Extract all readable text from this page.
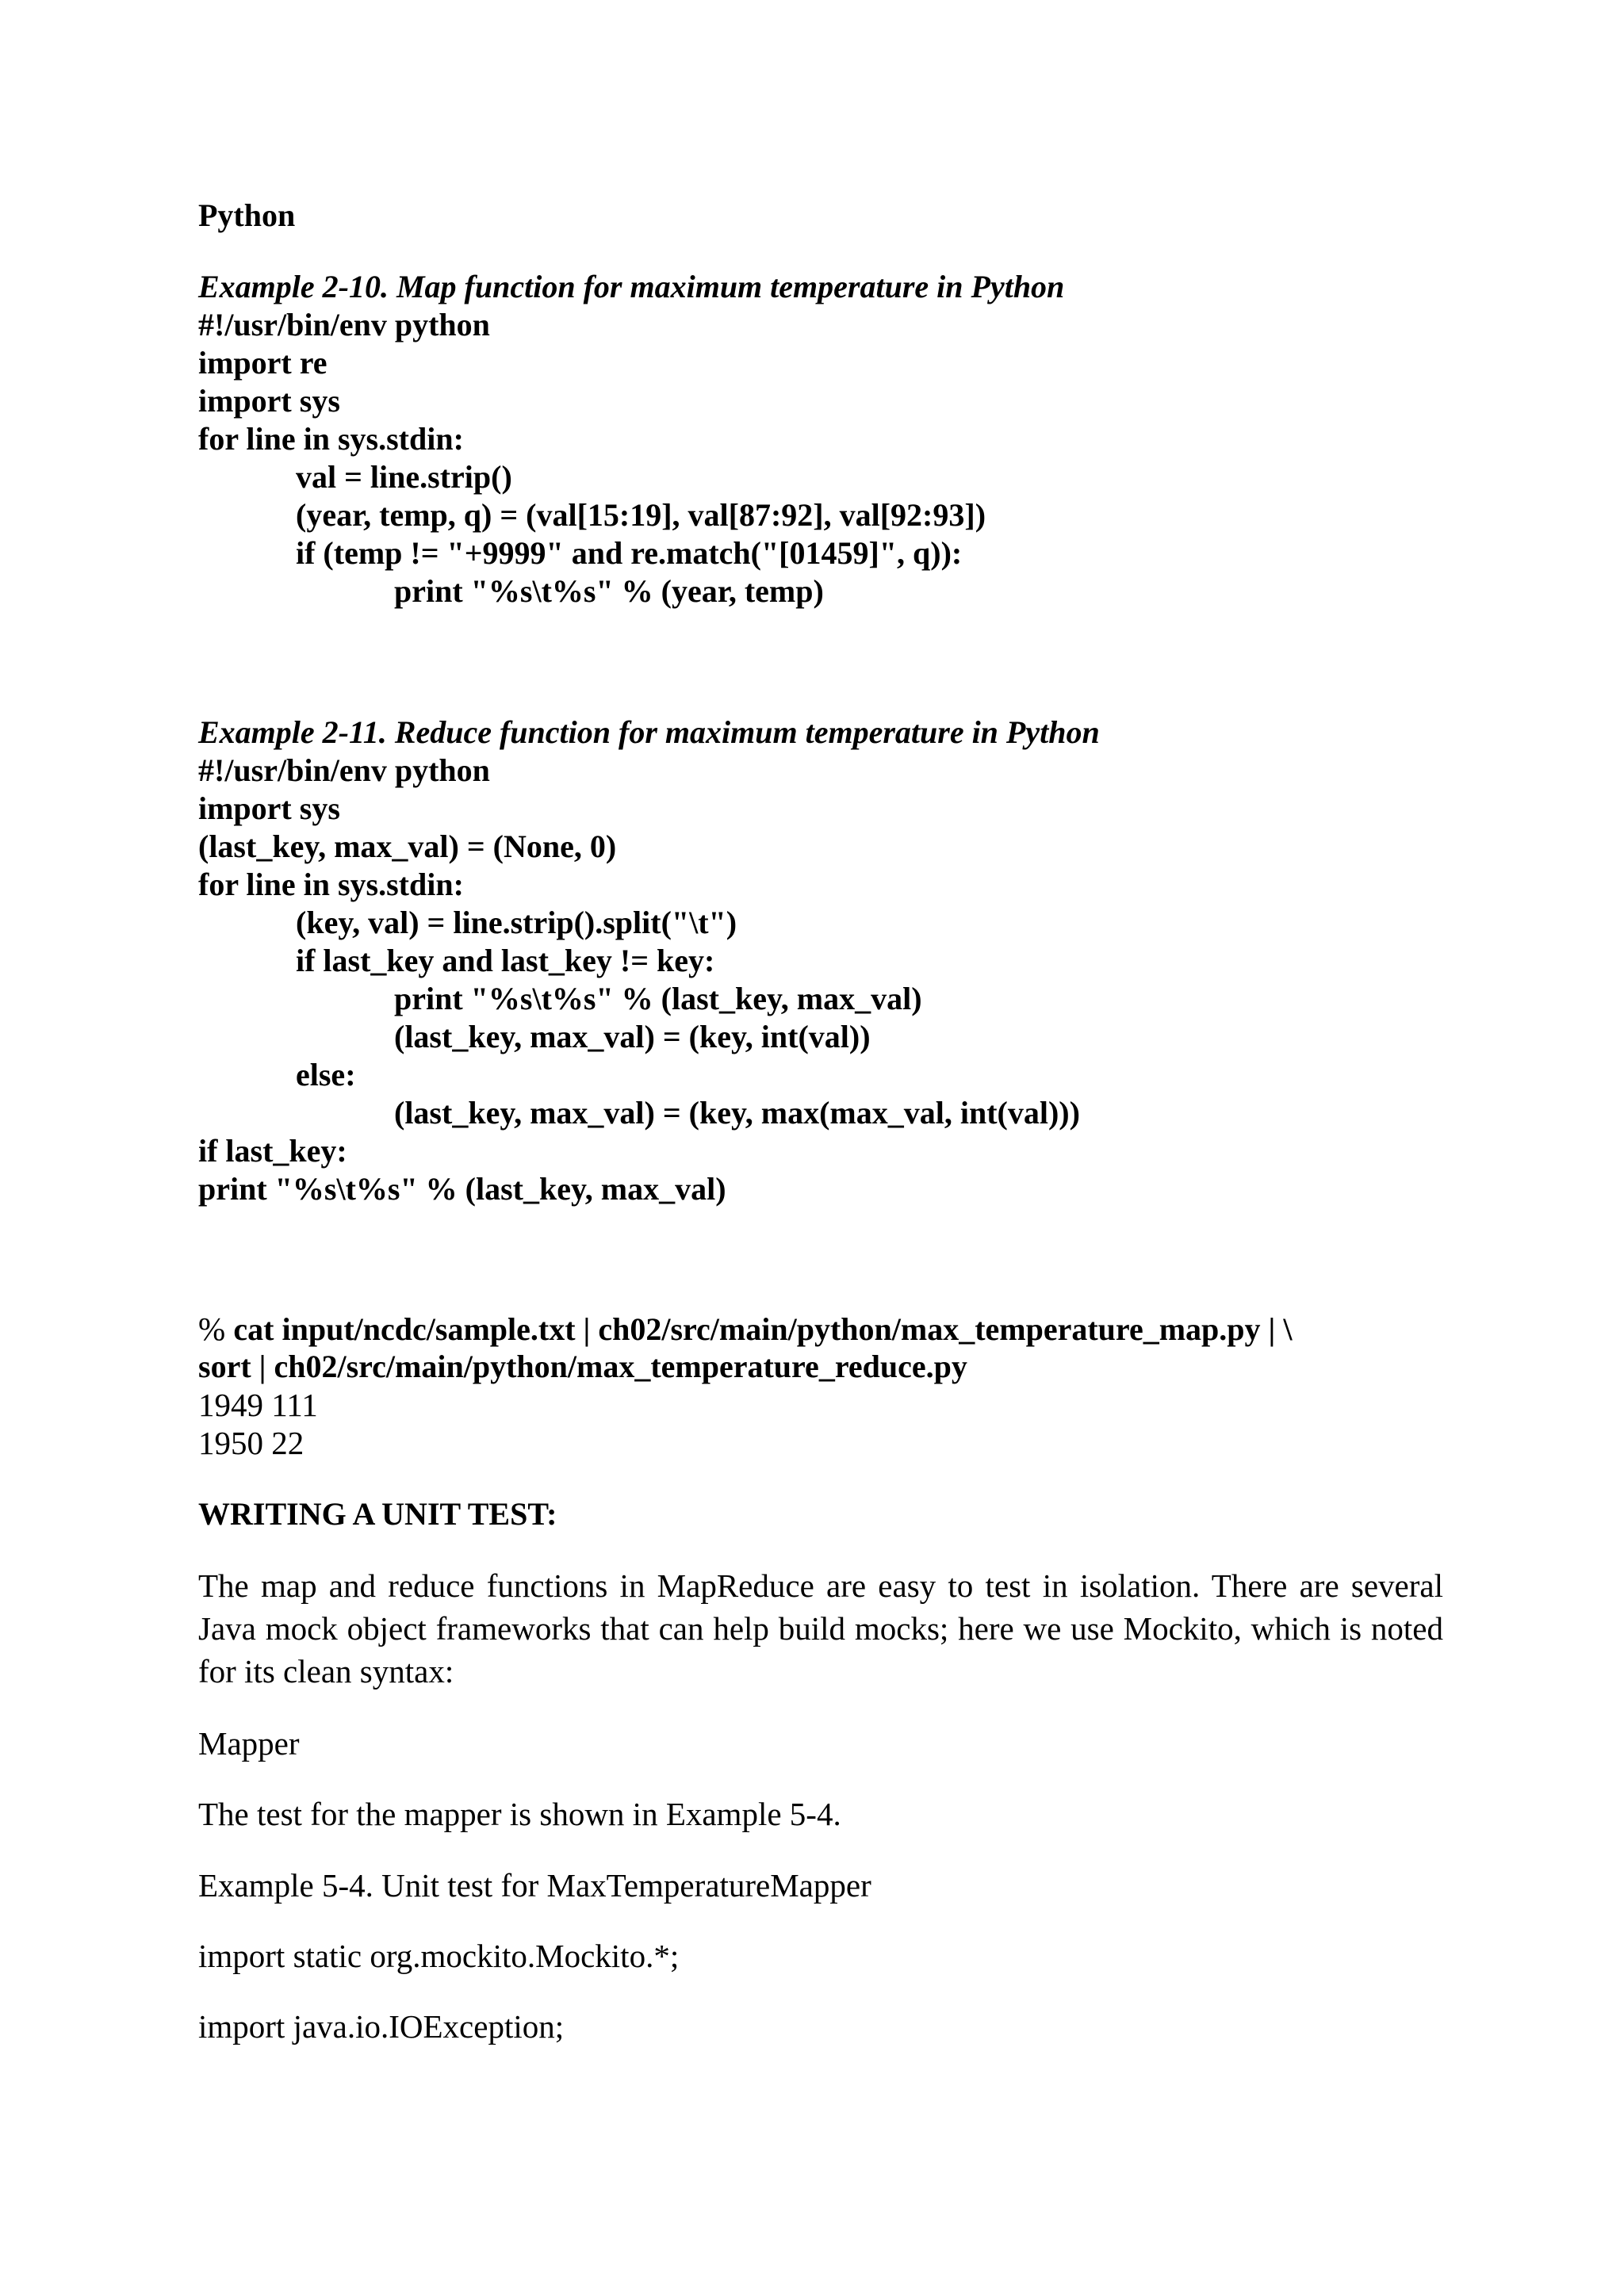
Python
Example 2-10. Map function for maximum temperature in Python
#!/usr/bin/env python
import re
import sys
for line in sys.stdin:
val = line.strip()
(year, temp, q) = (val[15:19], val[87:92], val[92:93])
if (temp != "+9999" and re.match("[01459]", q)):
print "%s\t%s" % (year, temp)
Example 2-11. Reduce function for maximum temperature in Python
#!/usr/bin/env python
import sys
(last_key, max_val) = (None, 0)
for line in sys.stdin:
(key, val) = line.strip().split("\t")
if last_key and last_key != key:
print "%s\t%s" % (last_key, max_val)
(last_key, max_val) = (key, int(val))
else:
(last_key, max_val) = (key, max(max_val, int(val)))
if last_key:
print "%s\t%s" % (last_key, max_val)
% cat input/ncdc/sample.txt | ch02/src/main/python/max_temperature_map.py | \
sort | ch02/src/main/python/max_temperature_reduce.py
1949 111
1950 22
WRITING A UNIT TEST:

The map and reduce functions in MapReduce are easy to test in isolation. There are several Java mock object frameworks that can help build mocks; here we use Mockito, which is noted for its clean syntax:

Mapper
The test for the mapper is shown in Example 5-4.
Example 5-4. Unit test for MaxTemperatureMapper
import static org.mockito.Mockito.*;
import java.io.IOException;
